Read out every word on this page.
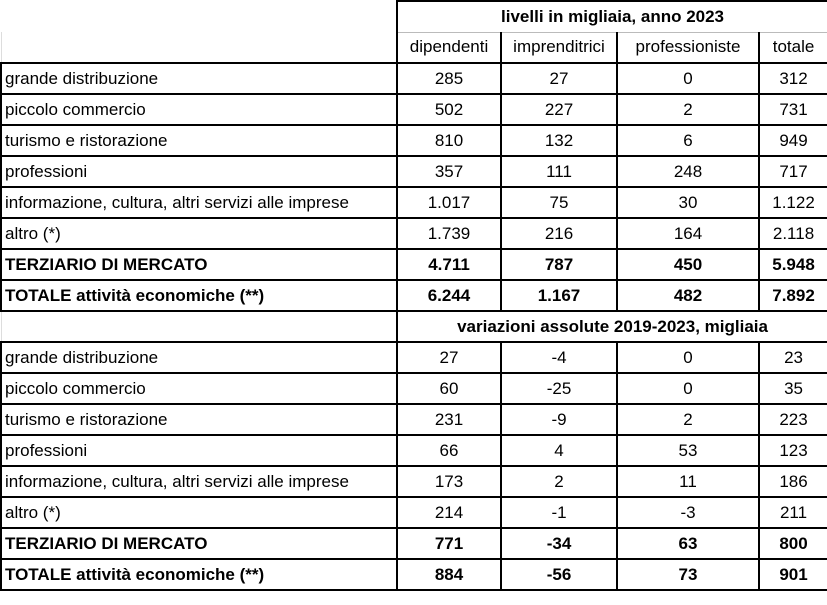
	livelli in migliaia, anno 2023			
	dipendenti	imprenditrici	professioniste	totale
grande distribuzione	285	27	0	312
piccolo commercio	502	227	2	731
turismo e ristorazione	810	132	6	949
professioni	357	111	248	717
informazione, cultura, altri servizi alle imprese	1.017	75	30	1.122
altro (*)	1.739	216	164	2.118
TERZIARIO DI MERCATO	4.711	787	450	5.948
TOTALE attività economiche (**)	6.244	1.167	482	7.892
	variazioni assolute 2019-2023, migliaia			
grande distribuzione	27	-4	0	23
piccolo commercio	60	-25	0	35
turismo e ristorazione	231	-9	2	223
professioni	66	4	53	123
informazione, cultura, altri servizi alle imprese	173	2	11	186
altro (*)	214	-1	-3	211
TERZIARIO DI MERCATO	771	-34	63	800
TOTALE attività economiche (**)	884	-56	73	901
